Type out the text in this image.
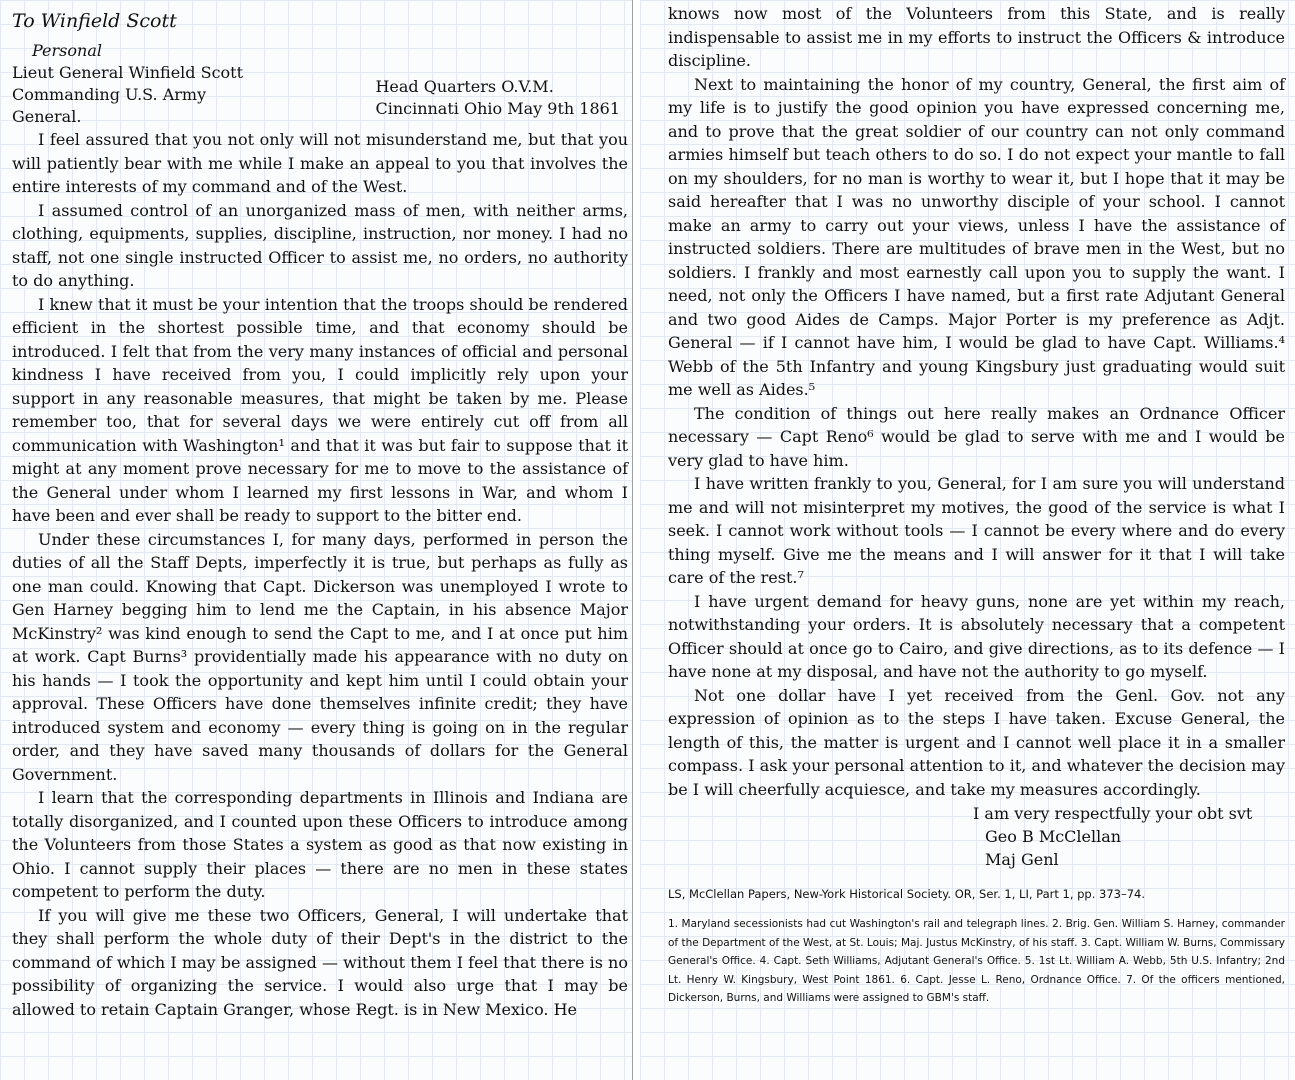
To Winfield Scott
Personal
Lieut General Winfield Scott
Commanding U.S. Army
General.
Head Quarters O.V.M.
Cincinnati Ohio May 9th 1861

I feel assured that you not only will not misunderstand me, but that you will patiently bear with me while I make an appeal to you that involves the entire interests of my command and of the West.

I assumed control of an unorganized mass of men, with neither arms, clothing, equipments, supplies, discipline, instruction, nor money. I had no staff, not one single instructed Officer to assist me, no orders, no authority to do anything.

I knew that it must be your intention that the troops should be rendered efficient in the shortest possible time, and that economy should be introduced. I felt that from the very many instances of official and personal kindness I have received from you, I could implicitly rely upon your support in any reasonable measures, that might be taken by me. Please remember too, that for several days we were entirely cut off from all communication with Washington¹ and that it was but fair to suppose that it might at any moment prove necessary for me to move to the assistance of the General under whom I learned my first lessons in War, and whom I have been and ever shall be ready to support to the bitter end.

Under these circumstances I, for many days, performed in person the duties of all the Staff Depts, imperfectly it is true, but perhaps as fully as one man could. Knowing that Capt. Dickerson was unemployed I wrote to Gen Harney begging him to lend me the Captain, in his absence Major McKinstry² was kind enough to send the Capt to me, and I at once put him at work. Capt Burns³ providentially made his appearance with no duty on his hands — I took the opportunity and kept him until I could obtain your approval. These Officers have done themselves infinite credit; they have introduced system and economy — every thing is going on in the regular order, and they have saved many thousands of dollars for the General Government.

I learn that the corresponding departments in Illinois and Indiana are totally disorganized, and I counted upon these Officers to introduce among the Volunteers from those States a system as good as that now existing in Ohio. I cannot supply their places — there are no men in these states competent to perform the duty.

If you will give me these two Officers, General, I will undertake that they shall perform the whole duty of their Dept's in the district to the command of which I may be assigned — without them I feel that there is no possibility of organizing the service. I would also urge that I may be allowed to retain Captain Granger, whose Regt. is in New Mexico. He

knows now most of the Volunteers from this State, and is really indispensable to assist me in my efforts to instruct the Officers & introduce discipline.

Next to maintaining the honor of my country, General, the first aim of my life is to justify the good opinion you have expressed concerning me, and to prove that the great soldier of our country can not only command armies himself but teach others to do so. I do not expect your mantle to fall on my shoulders, for no man is worthy to wear it, but I hope that it may be said hereafter that I was no unworthy disciple of your school. I cannot make an army to carry out your views, unless I have the assistance of instructed soldiers. There are multitudes of brave men in the West, but no soldiers. I frankly and most earnestly call upon you to supply the want. I need, not only the Officers I have named, but a first rate Adjutant General and two good Aides de Camps. Major Porter is my preference as Adjt. General — if I cannot have him, I would be glad to have Capt. Williams.⁴ Webb of the 5th Infantry and young Kingsbury just graduating would suit me well as Aides.⁵

The condition of things out here really makes an Ordnance Officer necessary — Capt Reno⁶ would be glad to serve with me and I would be very glad to have him.

I have written frankly to you, General, for I am sure you will understand me and will not misinterpret my motives, the good of the service is what I seek. I cannot work without tools — I cannot be every where and do every thing myself. Give me the means and I will answer for it that I will take care of the rest.⁷

I have urgent demand for heavy guns, none are yet within my reach, notwithstanding your orders. It is absolutely necessary that a competent Officer should at once go to Cairo, and give directions, as to its defence — I have none at my disposal, and have not the authority to go myself.

Not one dollar have I yet received from the Genl. Gov. not any expression of opinion as to the steps I have taken. Excuse General, the length of this, the matter is urgent and I cannot well place it in a smaller compass. I ask your personal attention to it, and whatever the decision may be I will cheerfully acquiesce, and take my measures accordingly.

I am very respectfully your obt svt
Geo B McClellan
Maj Genl
LS, McClellan Papers, New-York Historical Society. OR, Ser. 1, LI, Part 1, pp. 373–74.
1. Maryland secessionists had cut Washington's rail and telegraph lines. 2. Brig. Gen. William S. Harney, commander of the Department of the West, at St. Louis; Maj. Justus McKinstry, of his staff. 3. Capt. William W. Burns, Commissary General's Office. 4. Capt. Seth Williams, Adjutant General's Office. 5. 1st Lt. William A. Webb, 5th U.S. Infantry; 2nd Lt. Henry W. Kingsbury, West Point 1861. 6. Capt. Jesse L. Reno, Ordnance Office. 7. Of the officers mentioned, Dickerson, Burns, and Williams were assigned to GBM's staff.
